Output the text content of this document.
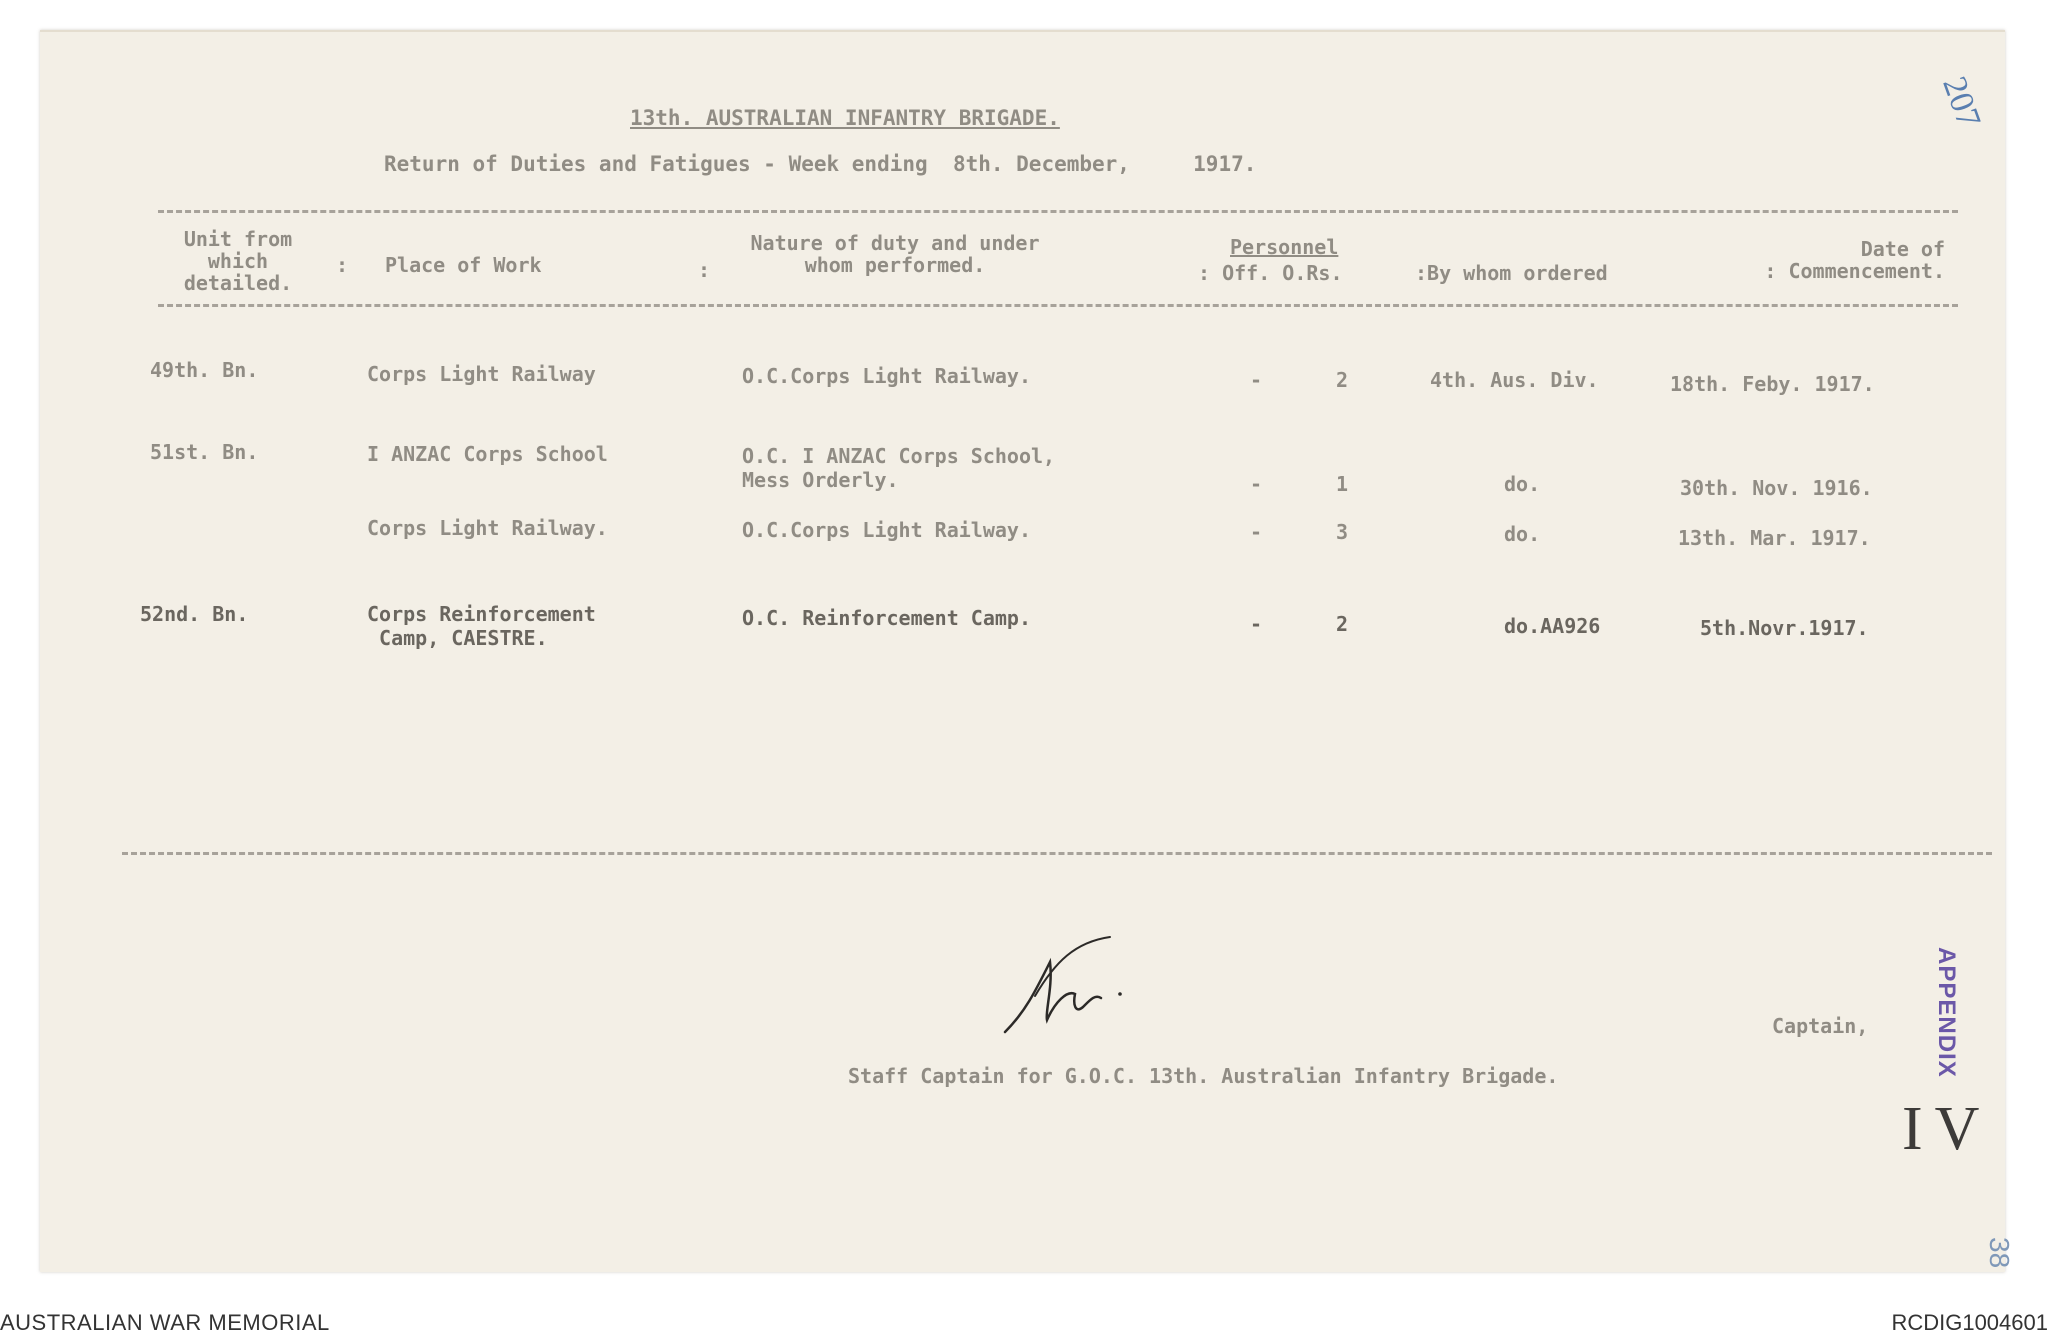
13th. AUSTRALIAN INFANTRY BRIGADE.
Return of Duties and Fatigues - Week ending  8th. December,     1917.
Unit from
which
detailed.
: Place of Work	:
Nature of duty and under
whom performed.
Personnel
: Off. O.Rs.	:By whom ordered
Date of
: Commencement.
49th. Bn.	Corps Light Railway	O.C.Corps Light Railway.	-	2	4th. Aus. Div.	18th. Feby. 1917.
51st. Bn.	I ANZAC Corps School	O.C. I ANZAC Corps School,
Mess Orderly.	-	1	do.	30th. Nov. 1916.
Corps Light Railway.	O.C.Corps Light Railway.	-	3	do.	13th. Mar. 1917.
52nd. Bn.	Corps Reinforcement
Camp, CAESTRE.
O.C. Reinforcement Camp.	-	2	do.AA926	5th.Novr.1917.
Captain,
Staff Captain for G.O.C. 13th. Australian Infantry Brigade.	APPENDIX
IV
207
38
AUSTRALIAN WAR MEMORIAL	RCDIG1004601
